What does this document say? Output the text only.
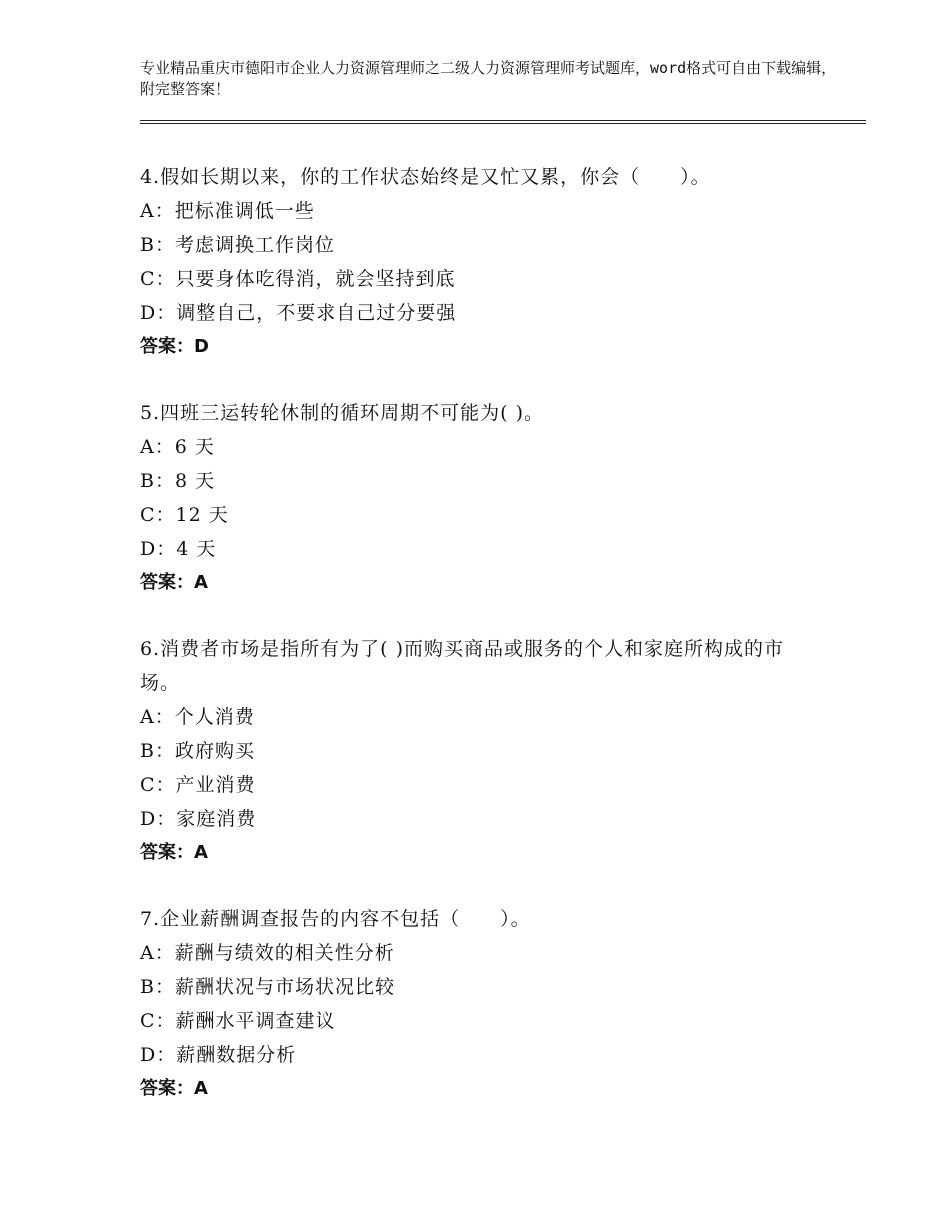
专业精品重庆市德阳市企业人力资源管理师之二级人力资源管理师考试题库，word格式可自由下载编辑，附完整答案！
4.假如长期以来，你的工作状态始终是又忙又累，你会（　　）。
A：把标准调低一些
B：考虑调换工作岗位
C：只要身体吃得消，就会坚持到底
D：调整自己，不要求自己过分要强
答案：D
5.四班三运转轮休制的循环周期不可能为( )。
A：6 天
B：8 天
C：12 天
D：4 天
答案：A
6.消费者市场是指所有为了( )而购买商品或服务的个人和家庭所构成的市场。
A：个人消费
B：政府购买
C：产业消费
D：家庭消费
答案：A
7.企业薪酬调查报告的内容不包括（　　）。
A：薪酬与绩效的相关性分析
B：薪酬状况与市场状况比较
C：薪酬水平调查建议
D：薪酬数据分析
答案：A
